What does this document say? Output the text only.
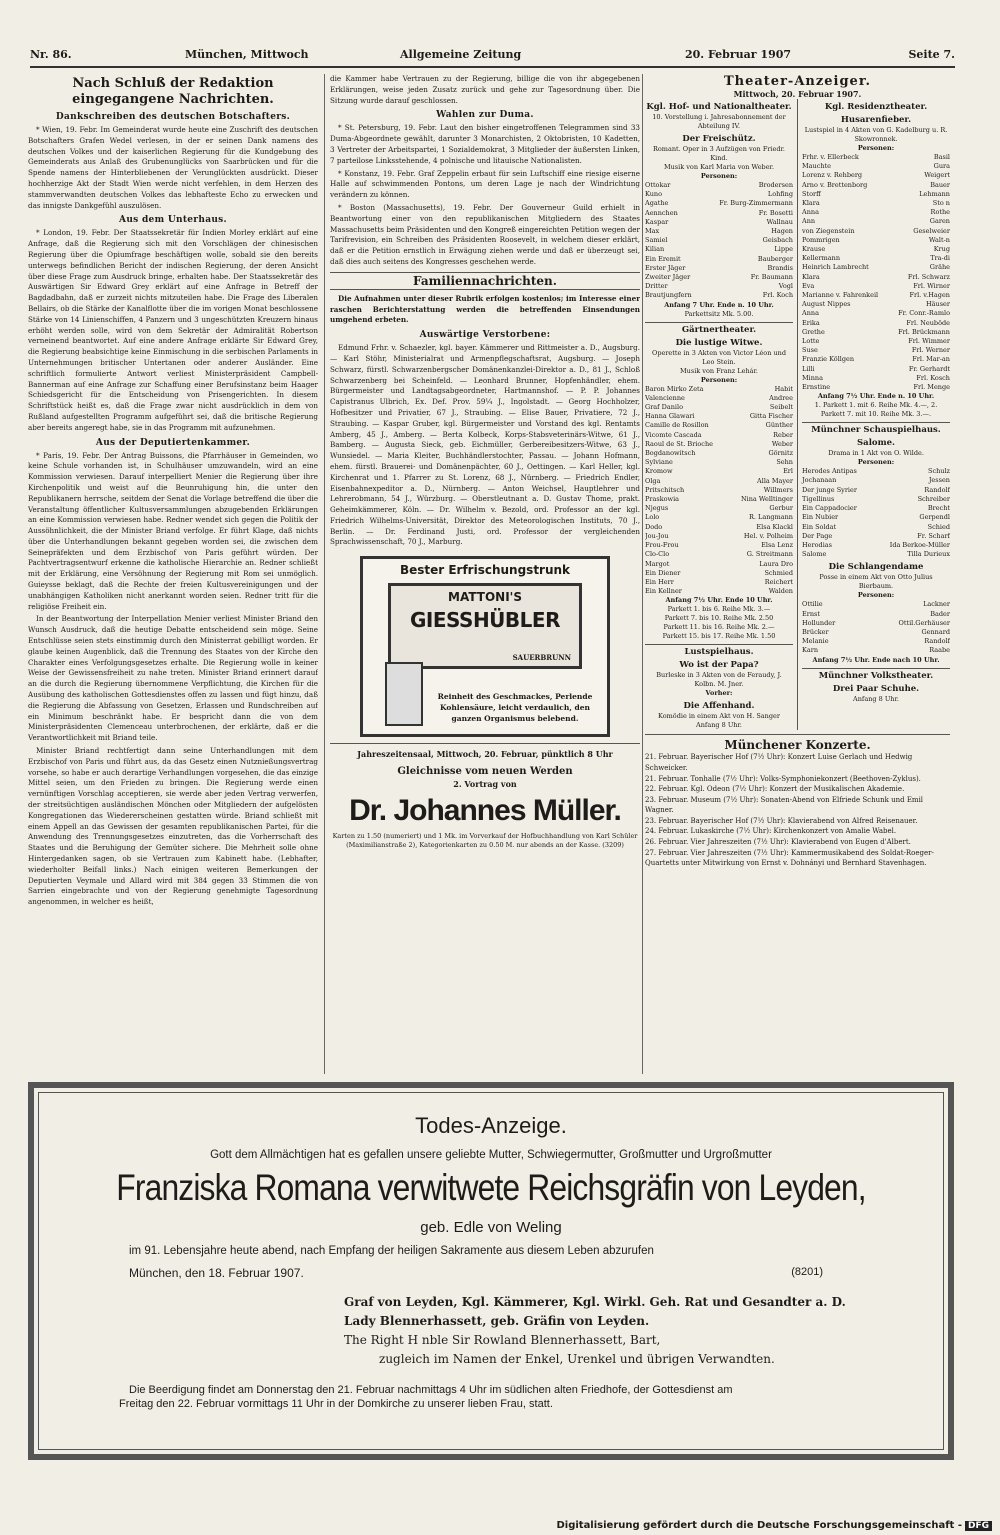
Nr. 86.	München, Mittwoch	Allgemeine Zeitung	20. Februar 1907	Seite 7.
Nach Schluß der Redaktion eingegangene Nachrichten.
Dankschreiben des deutschen Botschafters.
* Wien, 19. Febr. Im Gemeinderat wurde heute eine Zuschrift des deutschen Botschafters Grafen Wedel verlesen, in der er seinen Dank namens des deutschen Volkes und der kaiserlichen Regierung für die Kundgebung des Gemeinderats aus Anlaß des Grubenunglücks von Saarbrücken und für die Spende namens der Hinterbliebenen der Verunglückten ausdrückt. Dieser hochherzige Akt der Stadt Wien werde nicht verfehlen, in dem Herzen des stammverwandten deutschen Volkes das lebhafteste Echo zu erwecken und das innigste Dankgefühl auszulösen.
Aus dem Unterhaus.
* London, 19. Febr. Der Staatssekretär für Indien Morley erklärt auf eine Anfrage, daß die Regierung sich mit den Vorschlägen der chinesischen Regierung über die Opiumfrage beschäftigen wolle, sobald sie den bereits unterwegs befindlichen Bericht der indischen Regierung, der deren Ansicht über diese Frage zum Ausdruck bringe, erhalten habe. Der Staatssekretär des Auswärtigen Sir Edward Grey erklärt auf eine Anfrage in Betreff der Bagdadbahn, daß er zurzeit nichts mitzuteilen habe. Die Frage des Liberalen Bellairs, ob die Stärke der Kanalflotte über die im vorigen Monat beschlossene Stärke von 14 Linienschiffen, 4 Panzern und 3 ungeschützten Kreuzern hinaus erhöht werden solle, wird von dem Sekretär der Admiralität Robertson verneinend beantwortet. Auf eine andere Anfrage erklärte Sir Edward Grey, die Regierung beabsichtige keine Einmischung in die serbischen Parlaments in Unternehmungen britischer Untertanen oder anderer Ausländer. Eine schriftlich formulierte Antwort verliest Ministerpräsident Campbell-Bannerman auf eine Anfrage zur Schaffung einer Berufsinstanz beim Haager Schiedsgericht für die Entscheidung von Prisengerichten. In diesem Schriftstück heißt es, daß die Frage zwar nicht ausdrücklich in dem von Rußland aufgestellten Programm aufgeführt sei, daß die britische Regierung aber bereits angeregt habe, sie in das Programm mit aufzunehmen.
Aus der Deputiertenkammer.
* Paris, 19. Febr. Der Antrag Buissons, die Pfarrhäuser in Gemeinden, wo keine Schule vorhanden ist, in Schulhäuser umzuwandeln, wird an eine Kommission verwiesen. Darauf interpelliert Menier die Regierung über ihre Kirchenpolitik und weist auf die Beunruhigung hin, die unter den Republikanern herrsche, seitdem der Senat die Vorlage betreffend die über die Veranstaltung öffentlicher Kultusversammlungen abzugebenden Erklärungen an eine Kommission verwiesen habe. Redner wendet sich gegen die Politik der Aussöhnlichkeit, die der Minister Briand verfolge. Er führt Klage, daß nichts über die Unterhandlungen bekannt gegeben worden sei, die zwischen dem Seinepräfekten und dem Erzbischof von Paris geführt würden. Der Pachtvertragsentwurf erkenne die katholische Hierarchie an. Redner schließt mit der Erklärung, eine Versöhnung der Regierung mit Rom sei unmöglich. Guieysse beklagt, daß die Rechte der freien Kultusvereinigungen und der unabhängigen Katholiken nicht anerkannt worden seien. Redner tritt für die religiöse Freiheit ein.
In der Beantwortung der Interpellation Menier verliest Minister Briand den Wunsch Ausdruck, daß die heutige Debatte entscheidend sein möge. Seine Entschlüsse seien stets einstimmig durch den Ministerrat gebilligt worden. Er glaube keinen Augenblick, daß die Trennung des Staates von der Kirche den Charakter eines Verfolgungsgesetzes erhalte. Die Regierung wolle in keiner Weise der Gewissensfreiheit zu nahe treten. Minister Briand erinnert darauf an die durch die Regierung übernommene Verpflichtung, die Kirchen für die Ausübung des katholischen Gottesdienstes offen zu lassen und fügt hinzu, daß die Regierung die Abfassung von Gesetzen, Erlassen und Rundschreiben auf ein Minimum beschränkt habe. Er bespricht dann die von dem Ministerpräsidenten Clemenceau unterbrochenen, der erklärte, daß er die Verantwortlichkeit mit Briand teile.
Minister Briand rechtfertigt dann seine Unterhandlungen mit dem Erzbischof von Paris und führt aus, da das Gesetz einen Nutznießungsvertrag vorsehe, so habe er auch derartige Verhandlungen vorgesehen, die das einzige Mittel seien, um den Frieden zu bringen. Die Regierung werde einen vernünftigen Vorschlag acceptieren, sie werde aber jeden Vertrag verwerfen, der streitsüchtigen ausländischen Mönchen oder Mitgliedern der aufgelösten Kongregationen das Wiedererscheinen gestatten würde. Briand schließt mit einem Appell an das Gewissen der gesamten republikanischen Partei, für die Anwendung des Trennungsgesetzes einzutreten, das die Vorherrschaft des Staates und die Beruhigung der Gemüter sichere. Die Mehrheit solle ohne Hintergedanken sagen, ob sie Vertrauen zum Kabinett habe. (Lebhafter, wiederholter Beifall links.) Nach einigen weiteren Bemerkungen der Deputierten Veymale und Allard wird mit 384 gegen 33 Stimmen die von Sarrien eingebrachte und von der Regierung genehmigte Tagesordnung angenommen, in welcher es heißt,
die Kammer habe Vertrauen zu der Regierung, billige die von ihr abgegebenen Erklärungen, weise jeden Zusatz zurück und gehe zur Tagesordnung über. Die Sitzung wurde darauf geschlossen.
Wahlen zur Duma.
* St. Petersburg, 19. Febr. Laut den bisher eingetroffenen Telegrammen sind 33 Duma-Abgeordnete gewählt, darunter 3 Monarchisten, 2 Oktobristen, 10 Kadetten, 3 Vertreter der Arbeitspartei, 1 Sozialdemokrat, 3 Mitglieder der äußersten Linken, 7 parteilose Linksstehende, 4 polnische und litauische Nationalisten.
* Konstanz, 19. Febr. Graf Zeppelin erbaut für sein Luftschiff eine riesige eiserne Halle auf schwimmenden Pontons, um deren Lage je nach der Windrichtung verändern zu können.
* Boston (Massachusetts), 19. Febr. Der Gouverneur Guild erhielt in Beantwortung einer von den republikanischen Mitgliedern des Staates Massachusetts beim Präsidenten und den Kongreß eingereichten Petition wegen der Tarifrevision, ein Schreiben des Präsidenten Roosevelt, in welchem dieser erklärt, daß er die Petition ernstlich in Erwägung ziehen werde und daß er überzeugt sei, daß dies auch seitens des Kongresses geschehen werde.
Familiennachrichten.
Die Aufnahmen unter dieser Rubrik erfolgen kostenlos; im Interesse einer raschen Berichterstattung werden die betreffenden Einsendungen umgehend erbeten.
Auswärtige Verstorbene:
Edmund Frhr. v. Schaezler, kgl. bayer. Kämmerer und Rittmeister a. D., Augsburg. — Karl Stöhr, Ministerialrat und Armenpflegschaftsrat, Augsburg. — Joseph Schwarz, fürstl. Schwarzenbergscher Domänenkanzlei-Direktor a. D., 81 J., Schloß Schwarzenberg bei Scheinfeld. — Leonhard Brunner, Hopfenhändler, ehem. Bürgermeister und Landtagsabgeordneter, Hartmannshof. — P. P. Johannes Capistranus Ulbrich, Ex. Def. Prov. 59¼ J., Ingolstadt. — Georg Hochholzer, Hofbesitzer und Privatier, 67 J., Straubing. — Elise Bauer, Privatiere, 72 J., Straubing. — Kaspar Gruber, kgl. Bürgermeister und Vorstand des kgl. Rentamts Amberg, 45 J., Amberg. — Berta Kolbeck, Korps-Stabsveterinärs-Witwe, 61 J., Bamberg. — Augusta Sieck, geb. Eichmüller, Gerbereibesitzers-Witwe, 63 J., Wunsiedel. — Maria Kleiter, Buchhändlerstochter, Passau. — Johann Hofmann, ehem. fürstl. Brauerei- und Domänenpächter, 60 J., Oettingen. — Karl Heller, kgl. Kirchenrat und 1. Pfarrer zu St. Lorenz, 68 J., Nürnberg. — Friedrich Endler, Eisenbahnexpeditor a. D., Nürnberg. — Anton Weichsel, Hauptlehrer und Lehrerobmann, 54 J., Würzburg. — Oberstleutnant a. D. Gustav Thome, prakt. Geheimkämmerer, Köln. — Dr. Wilhelm v. Bezold, ord. Professor an der kgl. Friedrich Wilhelms-Universität, Direktor des Meteorologischen Instituts, 70 J., Berlin. — Dr. Ferdinand Justi, ord. Professor der vergleichenden Sprachwissenschaft, 70 J., Marburg.
Bester Erfrischungstrunk
MATTONI'S
GIESSHÜBLER
SAUERBRUNN
Reinheit des Geschmackes, Perlende Kohlensäure, leicht verdaulich, den ganzen Organismus belebend.
Jahreszeitensaal, Mittwoch, 20. Februar, pünktlich 8 Uhr
Gleichnisse vom neuen Werden
2. Vortrag von
Dr. Johannes Müller.
Karten zu 1.50 (numeriert) und 1 Mk. im Vorverkauf der Hofbuchhandlung von Karl Schüler (Maximilianstraße 2), Kategorienkarten zu 0.50 M. nur abends an der Kasse. (3209)
Theater-Anzeiger.
Mittwoch, 20. Februar 1907.
Kgl. Hof- und Nationaltheater.
10. Vorstellung i. Jahresabonnement der Abteilung IV.
Der Freischütz.
Romant. Oper in 3 Aufzügen von Friedr. Kind.
Musik von Karl Maria von Weber.
Personen:
Ottokar	Brodersen
Kuno	Lohfing
Agathe	Fr. Burg-Zimmermann
Aennchen	Fr. Bosetti
Kaspar	Wallnau
Max	Hagen
Samiel	Geisbach
Kilian	Lippe
Ein Eremit	Bauberger
Erster Jäger	Brandis
Zweiter Jäger	Fr. Baumann
Dritter	Vogl
Brautjungfern	Frl. Koch
Anfang 7 Uhr. Ende n. 10 Uhr.
Parkettsitz Mk. 5.00.
Gärtnertheater.
Die lustige Witwe.
Operette in 3 Akten von Victor Léon und Leo Stein.
Musik von Franz Lehár.
Personen:
Baron Mirko Zeta	Habit
Valencienne	Andree
Graf Danilo	Seibelt
Hanna Glawari	Gitta Fischer
Camille de Rosillon	Günther
Vicomte Cascada	Reber
Raoul de St. Brioche	Weber
Bogdanowitsch	Görnitz
Sylviane	Sehn
Kromow	Erl
Olga	Alla Mayer
Pritschitsch	Willmers
Praskowia	Nina Welltinger
Njegus	Gerbur
Lolo	R. Langmann
Dodo	Elsa Klackl
Jou-Jou	Hel. v. Polheim
Frou-Frou	Elsa Lenz
Clo-Clo	G. Streitmann
Margot	Laura Dro
Ein Diener	Schmied
Ein Herr	Reichert
Ein Kellner	Walden
Anfang 7½ Uhr. Ende 10 Uhr.
Parkett 1. bis 6. Reihe Mk. 3.—
Parkett 7. bis 10. Reihe Mk. 2.50
Parkett 11. bis 16. Reihe Mk. 2.—
Parkett 15. bis 17. Reihe Mk. 1.50
Lustspielhaus.
Wo ist der Papa?
Burleske in 3 Akten von de Feraudy, J. Kolbn. M. Jner.
Vorher:
Die Affenhand.
Komödie in einem Akt von H. Sanger
Anfang 8 Uhr.
Kgl. Residenztheater.
Husarenfieber.
Lustspiel in 4 Akten von G. Kadelburg u. R. Skowronnek.
Personen:
Frhr. v. Ellerbeck	Basil
Mauchte	Gura
Lorenz v. Rehberg	Weigert
Arno v. Brettenborg	Bauer
Storff	Lehmann
Klara	Sto n
Anna	Rothe
Ann	Garen
von Ziegenstein	Geselweier
Pommrigen	Walt-n
Krause	Krug
Kellermann	Tra-di
Heinrich Lambrecht	Grähe
Klara	Frl. Schwarz
Eva	Frl. Wirner
Marianne v. Fahrenkeil	Frl. v.Hagen
August Nippes	Häuser
Anna	Fr. Conr.-Ramlo
Erika	Frl. Neuböde
Grethe	Frl. Brückmann
Lotte	Frl. Wimmer
Suse	Frl. Werner
Franzie Köllgen	Frl. Mar-an
Lilli	Fr. Gerhardt
Minna	Frl. Kosch
Ernstine	Frl. Menge
Anfang 7½ Uhr. Ende n. 10 Uhr.
1. Parkett 1. mit 6. Reihe Mk. 4.—, 2. Parkett 7. mit 10. Reihe Mk. 3.—.
Münchner Schauspielhaus.
Salome.
Drama in 1 Akt von O. Wilde.
Personen:
Herodes Antipas	Schulz
Jochanaan	Jessen
Der junge Syrier	Randolf
Tigellinus	Schreiber
Ein Cappadocier	Brecht
Ein Nubier	Gerpendl
Ein Soldat	Schied
Der Page	Fr. Scharf
Herodias	Ida Berkoe-Müller
Salome	Tilla Durieux
Die Schlangendame
Posse in einem Akt von Otto Julius Bierbaum.
Personen:
Ottilie	Lackner
Ernst	Bader
Hollunder	Ottil.Gerhäuser
Brücker	Gennard
Melanie	Randolf
Karn	Raabe
Anfang 7½ Uhr. Ende nach 10 Uhr.
Münchner Volkstheater.
Drei Paar Schuhe.
Anfang 8 Uhr.
Münchener Konzerte.
21. Februar. Bayerischer Hof (7½ Uhr): Konzert Luise Gerlach und Hedwig Schweicker.
21. Februar. Tonhalle (7½ Uhr): Volks-Symphoniekonzert (Beethoven-Zyklus).
22. Februar. Kgl. Odeon (7½ Uhr): Konzert der Musikalischen Akademie.
23. Februar. Museum (7½ Uhr): Sonaten-Abend von Elfriede Schunk und Emil Wagner.
23. Februar. Bayerischer Hof (7½ Uhr): Klavierabend von Alfred Reisenauer.
24. Februar. Lukaskirche (7½ Uhr): Kirchenkonzert von Amalie Wabel.
26. Februar. Vier Jahreszeiten (7½ Uhr): Klavierabend von Eugen d'Albert.
27. Februar. Vier Jahreszeiten (7½ Uhr): Kammermusikabend des Soldat-Roeger-Quartetts unter Mitwirkung von Ernst v. Dohnányi und Bernhard Stavenhagen.
Todes-Anzeige.
Gott dem Allmächtigen hat es gefallen unsere geliebte Mutter, Schwiegermutter, Großmutter und Urgroßmutter
Franziska Romana verwitwete Reichsgräfin von Leyden,
geb. Edle von Weling
im 91. Lebensjahre heute abend, nach Empfang der heiligen Sakramente aus diesem Leben abzurufen
München, den 18. Februar 1907.	(8201)
Graf von Leyden, Kgl. Kämmerer, Kgl. Wirkl. Geh. Rat und Gesandter a. D.
Lady Blennerhassett, geb. Gräfin von Leyden.
The Right H nble Sir Rowland Blennerhassett, Bart,
zugleich im Namen der Enkel, Urenkel und übrigen Verwandten.
Die Beerdigung findet am Donnerstag den 21. Februar nachmittags 4 Uhr im südlichen alten Friedhofe, der Gottesdienst am
Freitag den 22. Februar vormittags 11 Uhr in der Domkirche zu unserer lieben Frau, statt.
Digitalisierung gefördert durch die Deutsche Forschungsgemeinschaft - DFG
